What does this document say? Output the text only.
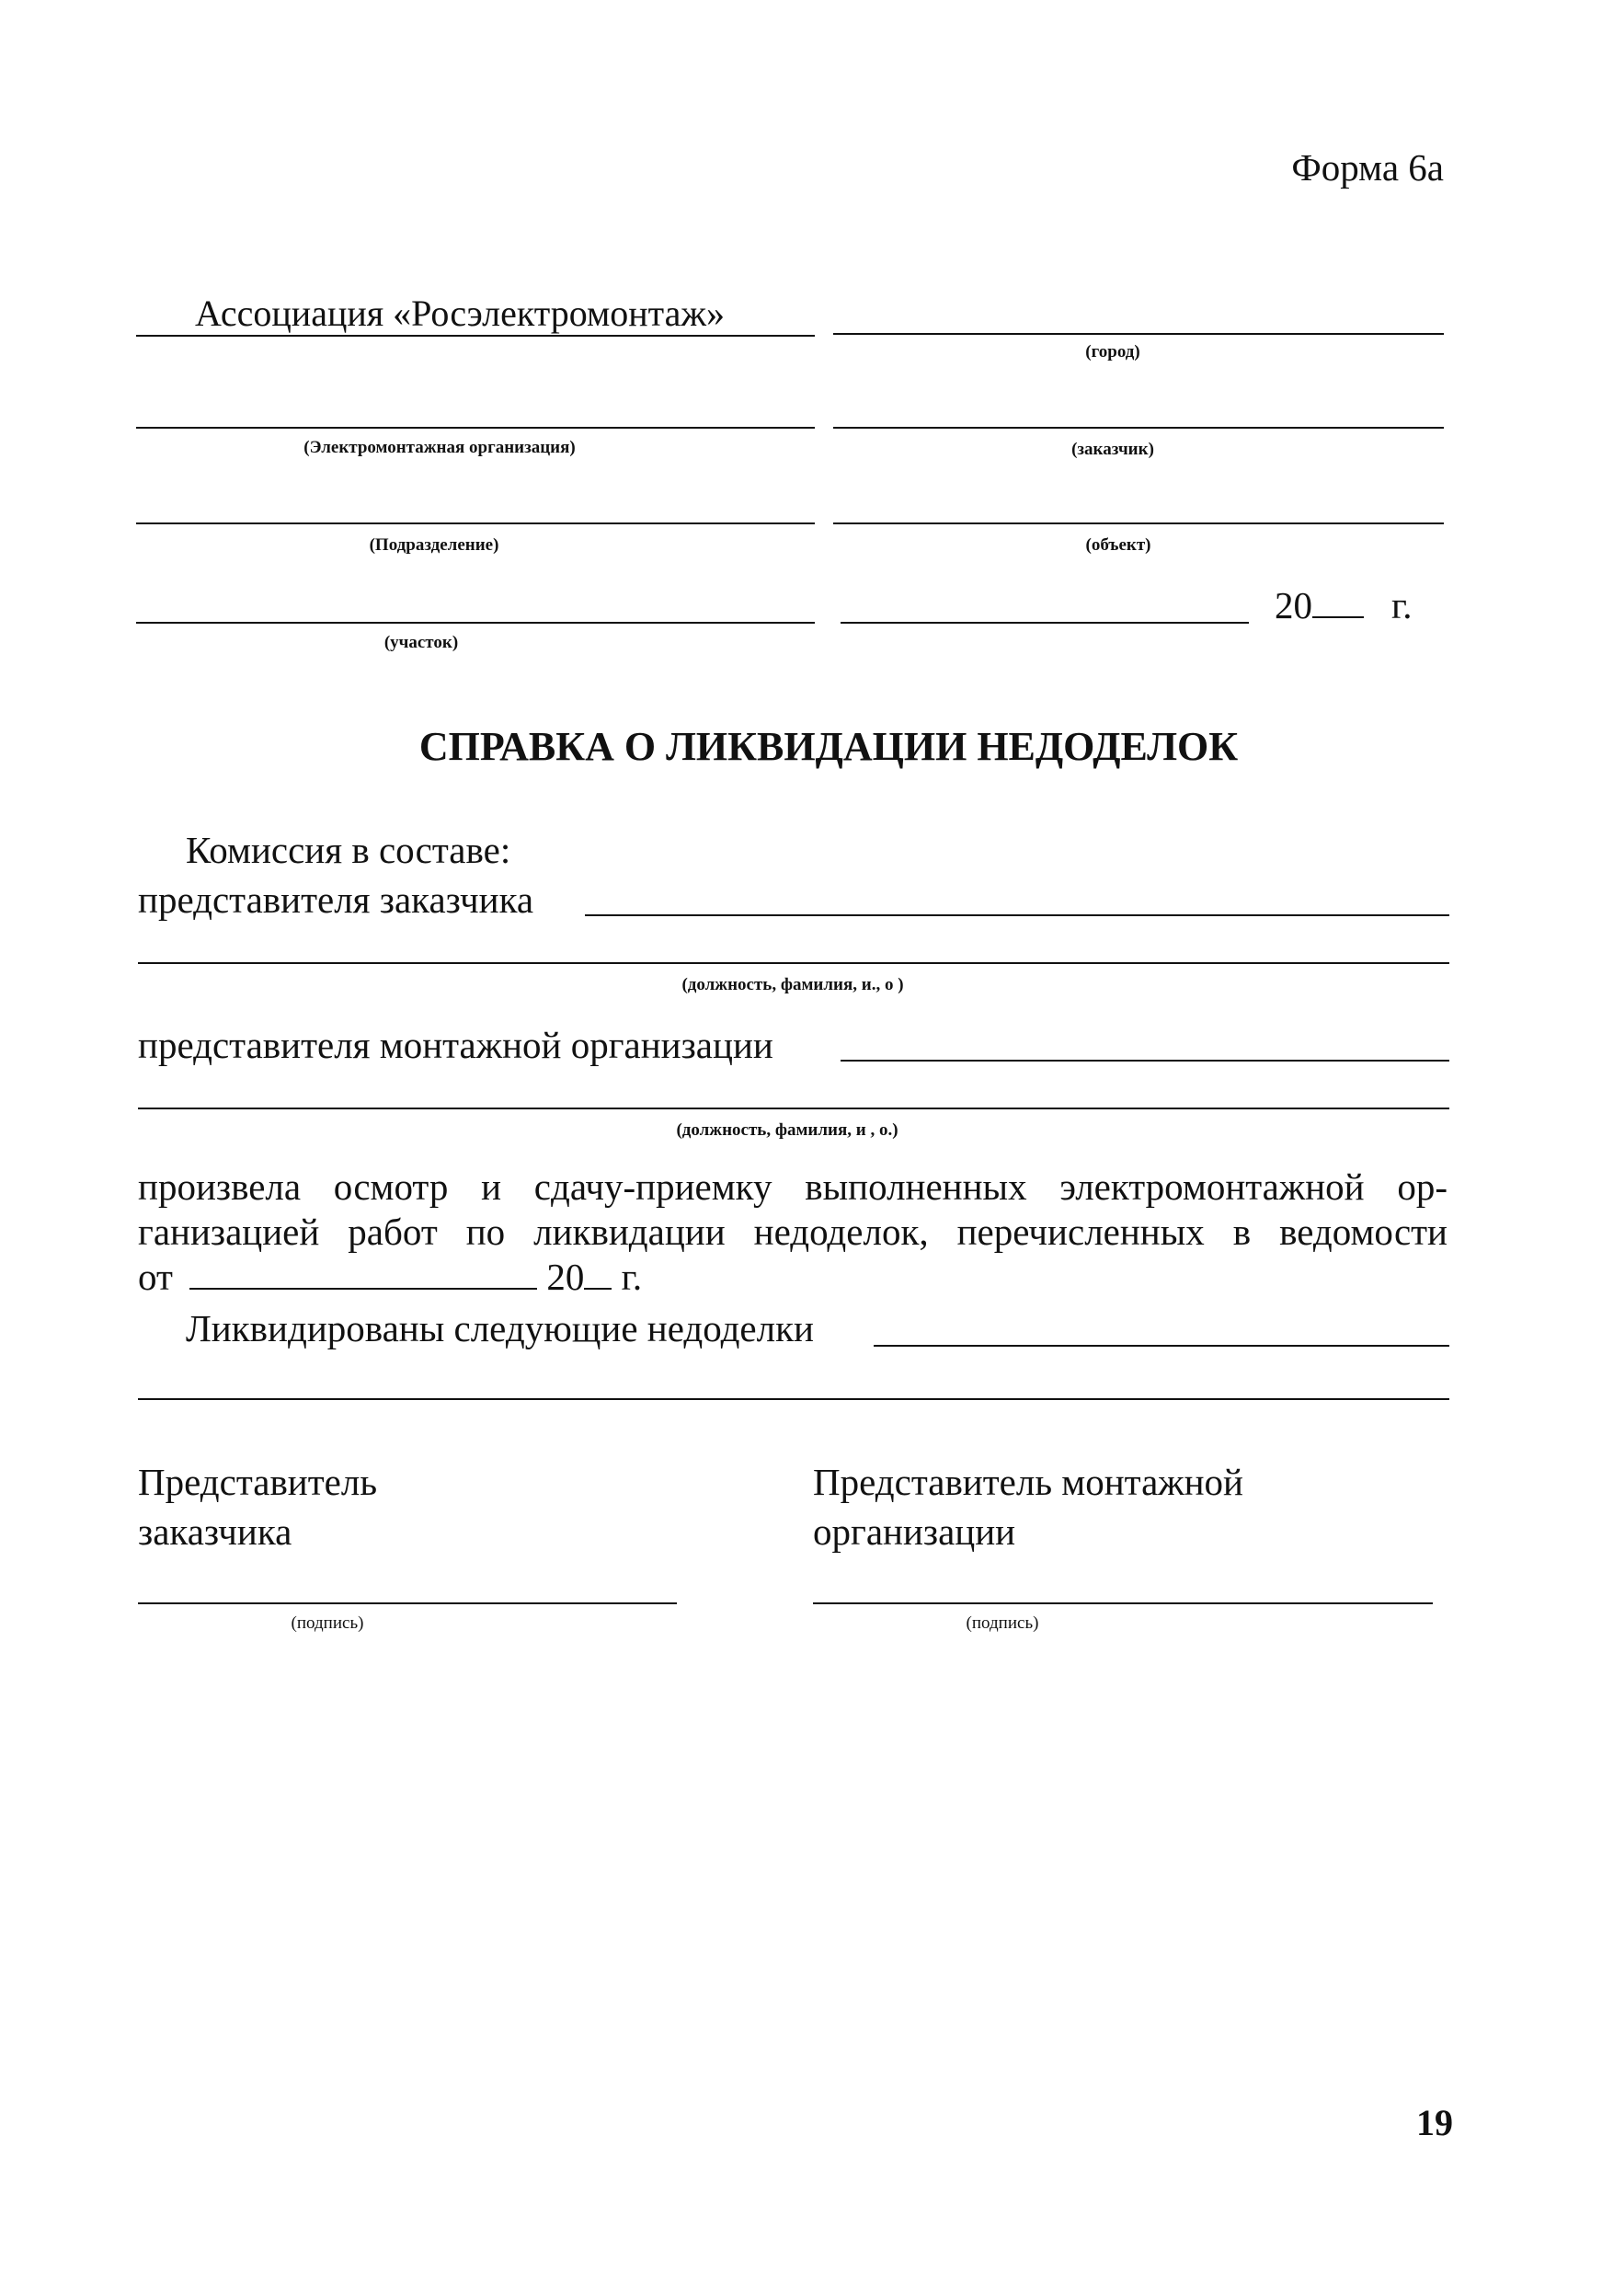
Форма 6а
Ассоциация «Росэлектромонтаж»
(город)
(Электромонтажная организация)	(заказчик)
(Подразделение)	(объект)
(участок)
20 г.
СПРАВКА О ЛИКВИДАЦИИ НЕДОДЕЛОК
Комиссия в составе:
представителя заказчика
(должность, фамилия, и., о )
представителя монтажной организации
(должность, фамилия, и , о.)
произвела осмотр и сдачу-приемку выполненных электромонтажной ор-
ганизацией работ по ликвидации недоделок, перечисленных в ведомости
от	20 г.
Ликвидированы следующие недоделки
Представитель
заказчика
(подпись)
Представитель монтажной
организации
(подпись)
19
